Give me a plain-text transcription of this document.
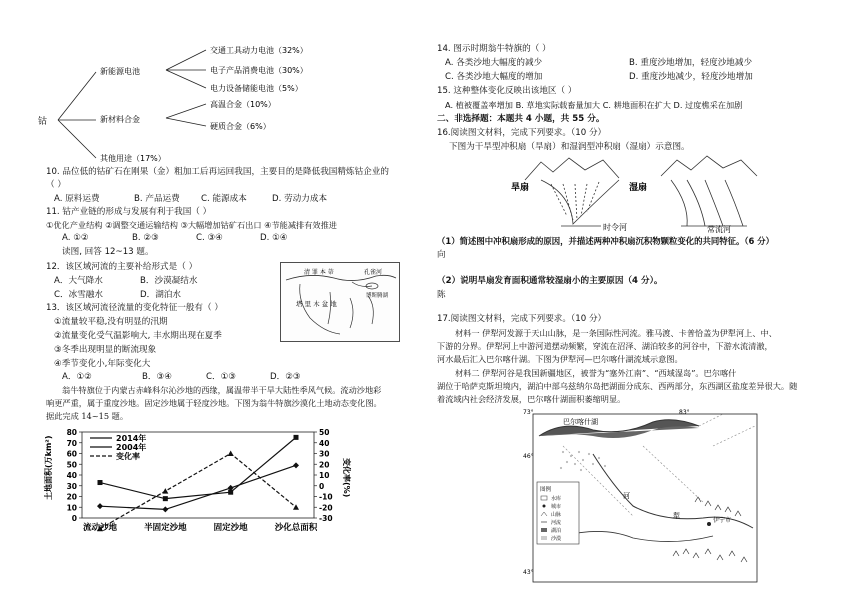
钴
新能源电池
新材料合金
其他用途（17%）
交通工具动力电池（32%）
电子产品消费电池（30%）
电力设备储能电池（5%）
高温合金（10%）
硬质合金（6%）
10. 品位低的钴矿石在刚果（金）粗加工后再运回我国，主要目的是降低我国精炼钴企业的
（ ）
A. 原料运费	B. 产品运费 C. 能源成本	D. 劳动力成本
11. 钴产业链的形成与发展有利于我国（ ）
①优化产业结构 ②调整交通运输结构 ③大幅增加钴矿石出口 ④节能减排有效推进
A. ①②	B. ②③	C. ③④	D. ①④
读图, 回答 12~13 题。
12．该区域河流的主要补给形式是（ ）
A．大气降水	B．沙漠凝结水
C．冰雪融水	D．湖泊水
13．该区域河流径流量的变化特征一般有（ ）
①流量较平稳,没有明显的汛期
②流量变化受气温影响大, 丰水期出现在夏季
③冬季出现明显的断流现象
④季节变化小,年际变化大
A．①②	B．③④	C．①③	D．②③
清 罪 本 蒂	孔雀河
博斯腾湖
塔 里 木 盆 地
翁牛特旗位于内蒙古赤峰科尔沁沙地的西缘，属温带半干旱大陆性季风气候。流动沙地彩
响更严重，属于重度沙地。固定沙地属于轻度沙地。下图为翁牛特旗沙漠化土地动态变化图。
据此完成 14~15 题。
土地面积(万km²)	变化率(%)
0
10
20
30
40
50
60
70
80
-30
-20
-10
0
10
20
30
40
50
2014年
2004年
变化率
流动沙地	半固定沙地	固定沙地	沙化总面积
14. 图示时期翁牛特旗的（ ）
A. 各类沙地大幅度的减少	B. 重度沙地增加，轻度沙地减少
C. 各类沙地大幅度的增加	D. 重度沙地减少，轻度沙地增加
15. 这种整体变化反映出该地区（ ）
A. 植被覆盖率增加 B. 草地实际载畜量加大 C. 耕地面积在扩大 D. 过度樵采在加剧
二、非选择题：本题共 4 小题，共 55 分。
16.阅读图文材料，完成下列要求。（10 分）
下图为干旱型冲积扇（旱扇）和湿润型冲积扇（湿扇）示意图。
旱扇	湿扇
时令河	常流河
（1）简述图中冲积扇形成的原因，并描述两种冲积扇沉积物颗粒变化的共同特征。（6 分）
向
（2）说明旱扇发育面积通常较湿扇小的主要原因（4 分）。
陈
17.阅读图文材料，完成下列要求。（10 分）
材料一 伊犁河发源于天山山脉，是一条国际性河流。雅马渡、卡普恰盖为伊犁河上、中、
下游的分界。伊犁河上中游河道摆动频繁，穿流在沼泽、湖泊较多的河谷中，下游水流清澈，
河水最后汇入巴尔喀什湖。下图为伊犁河—巴尔喀什湖流域示意图。
材料二 伊犁河谷是我国新疆地区，被誉为“塞外江南”、“西域湿岛”。巴尔喀什
湖位于哈萨克斯坦境内，湖泊中部乌兹纳尔岛把湖面分成东、西两部分，东西湖区盐度差异很大。随
着流域内社会经济发展，巴尔喀什湖面积萎缩明显。
巴尔喀什湖
73°	83°
46°
43°
河
犁
伊宁市
图例
水库
城市
山脉
河流
湖泊
沙漠
